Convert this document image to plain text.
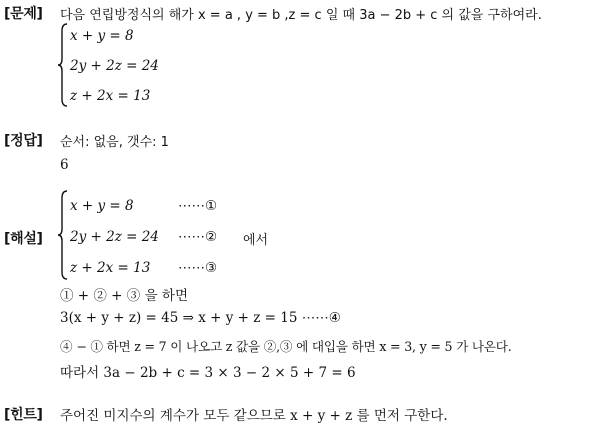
[문제] 다음 연립방정식의 해가 x = a , y = b ,z = c 일 때 3a − 2b + c 의 값을 구하여라.
x + y = 8
2y + 2z = 24
z + 2x = 13
[정답] 순서: 없음, 갯수: 1
6
[해설]
x + y = 8
2y + 2z = 24
z + 2x = 13
⋯⋯①
⋯⋯②
⋯⋯③
에서
① + ② + ③ 을 하면
3(x + y + z) = 45 ⇒ x + y + z = 15 ⋯⋯④
④ − ① 하면 z = 7 이 나오고 z 값을 ②,③ 에 대입을 하면 x = 3, y = 5 가 나온다.
따라서 3a − 2b + c = 3 × 3 − 2 × 5 + 7 = 6
[힌트] 주어진 미지수의 계수가 모두 같으므로 x + y + z 를 먼저 구한다.
